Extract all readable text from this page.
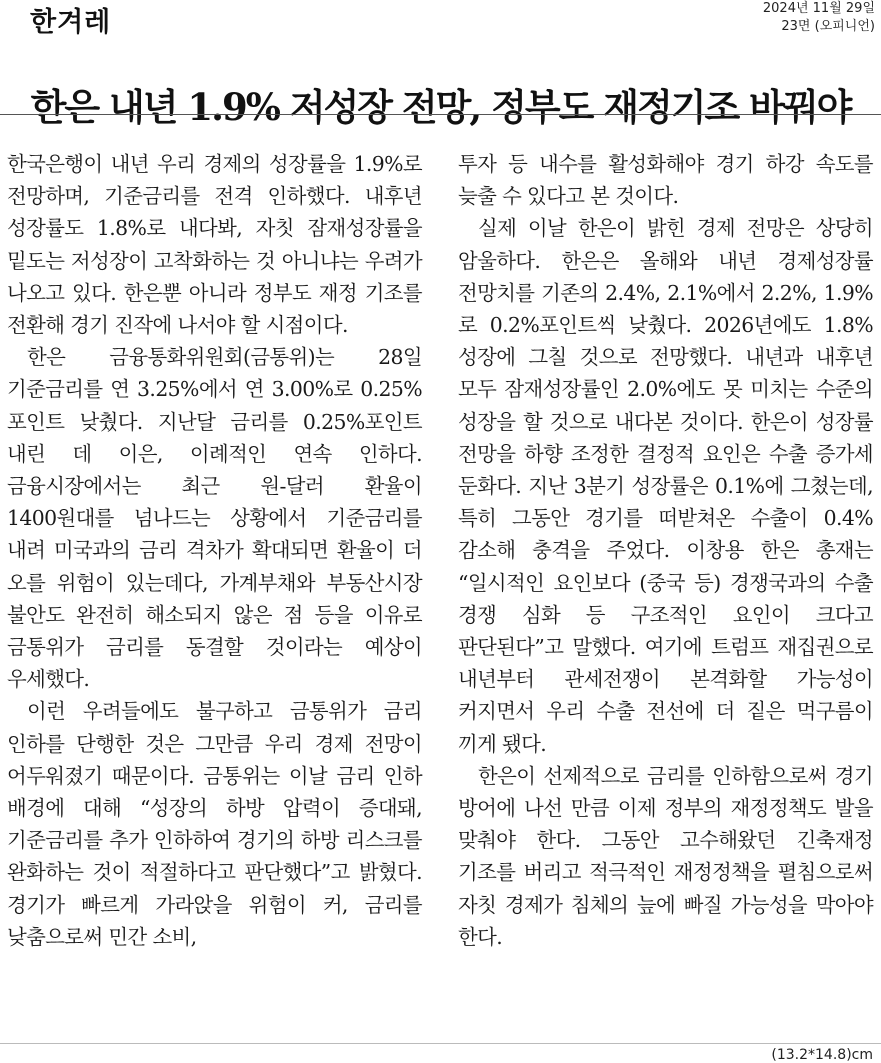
한겨레	2024년 11월 29일
23면 (오피니언)
한은 내년 1.9% 저성장 전망, 정부도 재정기조 바꿔야

한국은행이 내년 우리 경제의 성장률을 1.9%로 전망하며, 기준금리를 전격 인하했다. 내후년 성장률도 1.8%로 내다봐, 자칫 잠재성장률을 밑도는 저성장이 고착화하는 것 아니냐는 우려가 나오고 있다. 한은뿐 아니라 정부도 재정 기조를 전환해 경기 진작에 나서야 할 시점이다.

한은 금융통화위원회(금통위)는 28일 기준금리를 연 3.25%에서 연 3.00%로 0.25%포인트 낮췄다. 지난달 금리를 0.25%포인트 내린 데 이은, 이례적인 연속 인하다. 금융시장에서는 최근 원-달러 환율이 1400원대를 넘나드는 상황에서 기준금리를 내려 미국과의 금리 격차가 확대되면 환율이 더 오를 위험이 있는데다, 가계부채와 부동산시장 불안도 완전히 해소되지 않은 점 등을 이유로 금통위가 금리를 동결할 것이라는 예상이 우세했다.

이런 우려들에도 불구하고 금통위가 금리 인하를 단행한 것은 그만큼 우리 경제 전망이 어두워졌기 때문이다. 금통위는 이날 금리 인하 배경에 대해 “성장의 하방 압력이 증대돼, 기준금리를 추가 인하하여 경기의 하방 리스크를 완화하는 것이 적절하다고 판단했다”고 밝혔다. 경기가 빠르게 가라앉을 위험이 커, 금리를 낮춤으로써 민간 소비,

투자 등 내수를 활성화해야 경기 하강 속도를 늦출 수 있다고 본 것이다.

실제 이날 한은이 밝힌 경제 전망은 상당히 암울하다. 한은은 올해와 내년 경제성장률 전망치를 기존의 2.4%, 2.1%에서 2.2%, 1.9%로 0.2%포인트씩 낮췄다. 2026년에도 1.8% 성장에 그칠 것으로 전망했다. 내년과 내후년 모두 잠재성장률인 2.0%에도 못 미치는 수준의 성장을 할 것으로 내다본 것이다. 한은이 성장률 전망을 하향 조정한 결정적 요인은 수출 증가세 둔화다. 지난 3분기 성장률은 0.1%에 그쳤는데, 특히 그동안 경기를 떠받쳐온 수출이 0.4% 감소해 충격을 주었다. 이창용 한은 총재는 “일시적인 요인보다 (중국 등) 경쟁국과의 수출 경쟁 심화 등 구조적인 요인이 크다고 판단된다”고 말했다. 여기에 트럼프 재집권으로 내년부터 관세전쟁이 본격화할 가능성이 커지면서 우리 수출 전선에 더 짙은 먹구름이 끼게 됐다.

한은이 선제적으로 금리를 인하함으로써 경기 방어에 나선 만큼 이제 정부의 재정정책도 발을 맞춰야 한다. 그동안 고수해왔던 긴축재정 기조를 버리고 적극적인 재정정책을 펼침으로써 자칫 경제가 침체의 늪에 빠질 가능성을 막아야 한다.

(13.2*14.8)cm
